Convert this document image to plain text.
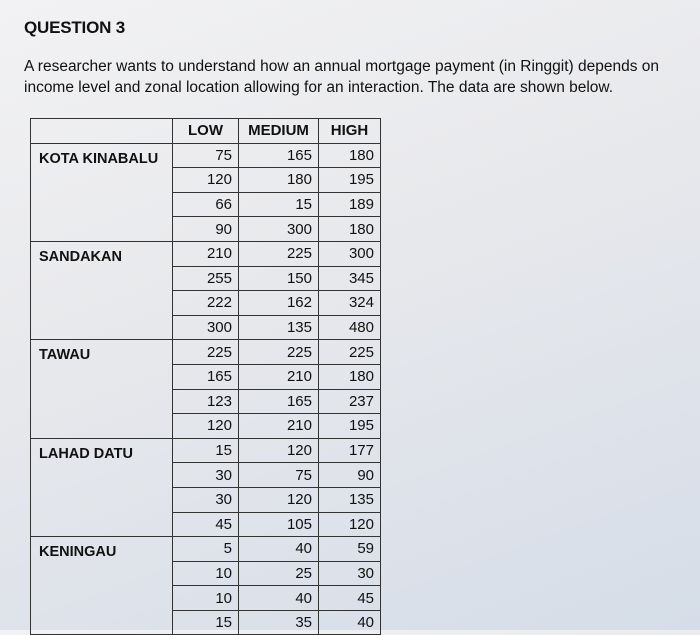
QUESTION 3
A researcher wants to understand how an annual mortgage payment (in Ringgit) depends on income level and zonal location allowing for an interaction. The data are shown below.
	LOW	MEDIUM	HIGH
KOTA KINABALU	75	165	180
	120	180	195
	66	15	189
	90	300	180
SANDAKAN	210	225	300
	255	150	345
	222	162	324
	300	135	480
TAWAU	225	225	225
	165	210	180
	123	165	237
	120	210	195
LAHAD DATU	15	120	177
	30	75	90
	30	120	135
	45	105	120
KENINGAU	5	40	59
	10	25	30
	10	40	45
	15	35	40
